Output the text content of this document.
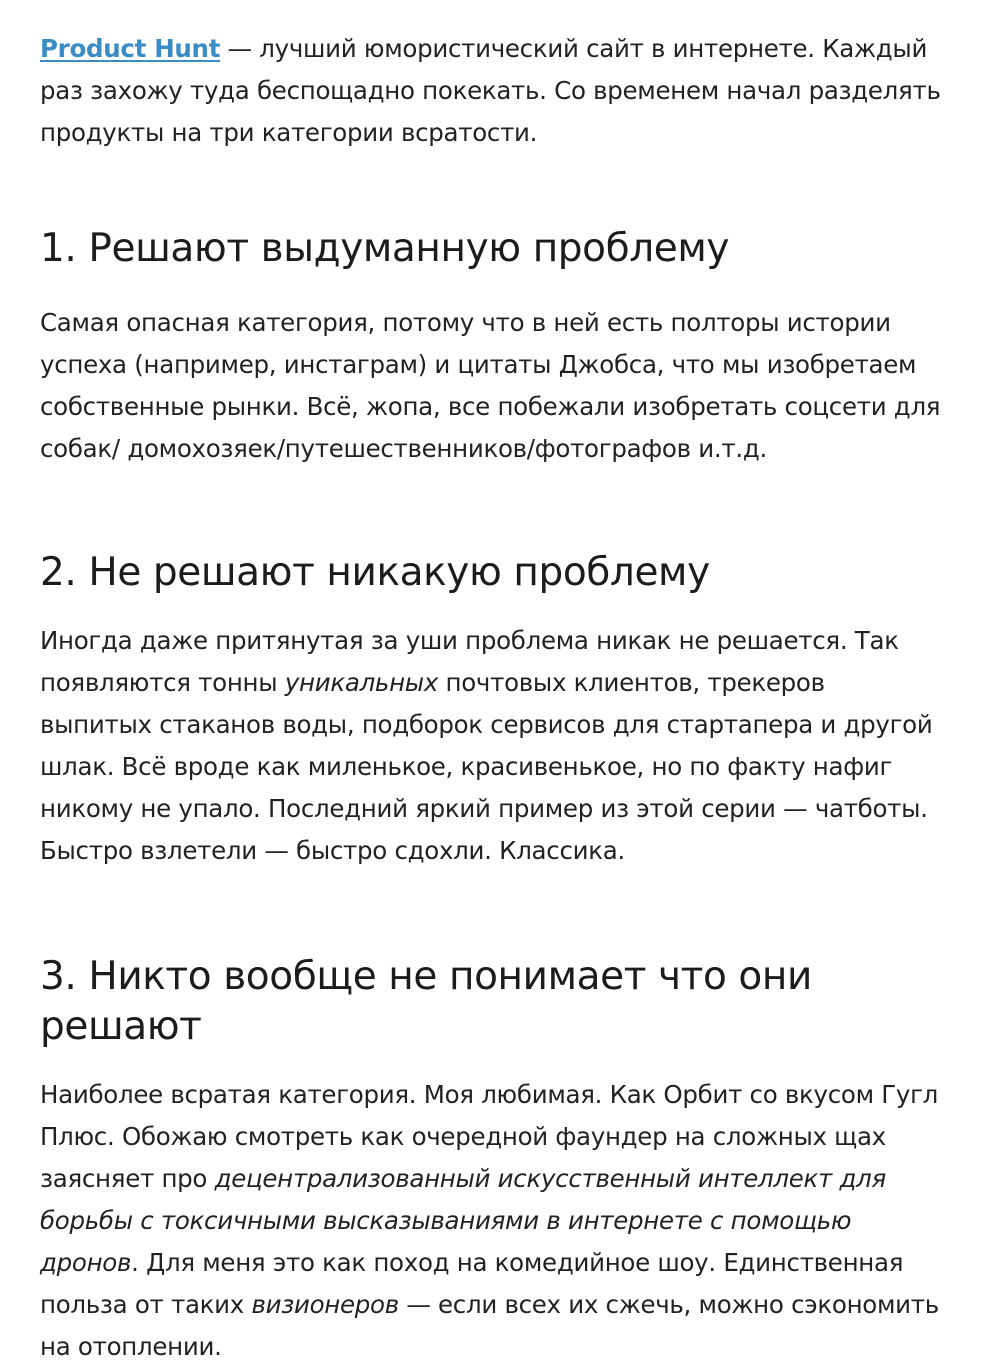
Product Hunt — лучший юмористический сайт в интернете. Каждый раз захожу туда беспощадно покекать. Со временем начал разделять продукты на три категории всратости.

1. Решают выдуманную проблему

Самая опасная категория, потому что в ней есть полторы истории успеха (например, инстаграм) и цитаты Джобса, что мы изобретаем собственные рынки. Всё, жопа, все побежали изобретать соцсети для собак/ домохозяек/путешественников/фотографов и.т.д.

2. Не решают никакую проблему

Иногда даже притянутая за уши проблема никак не решается. Так появляются тонны уникальных почтовых клиентов, трекеров выпитых стаканов воды, подборок сервисов для стартапера и другой шлак. Всё вроде как миленькое, красивенькое, но по факту нафиг никому не упало. Последний яркий пример из этой серии — чатботы. Быстро взлетели — быстро сдохли. Классика.

3. Никто вообще не понимает что они решают

Наиболее всратая категория. Моя любимая. Как Орбит со вкусом Гугл Плюс. Обожаю смотреть как очередной фаундер на сложных щах заясняет про децентрализованный искусственный интеллект для борьбы с токсичными высказываниями в интернете с помощью дронов. Для меня это как поход на комедийное шоу. Единственная польза от таких визионеров — если всех их сжечь, можно сэкономить на отоплении.
